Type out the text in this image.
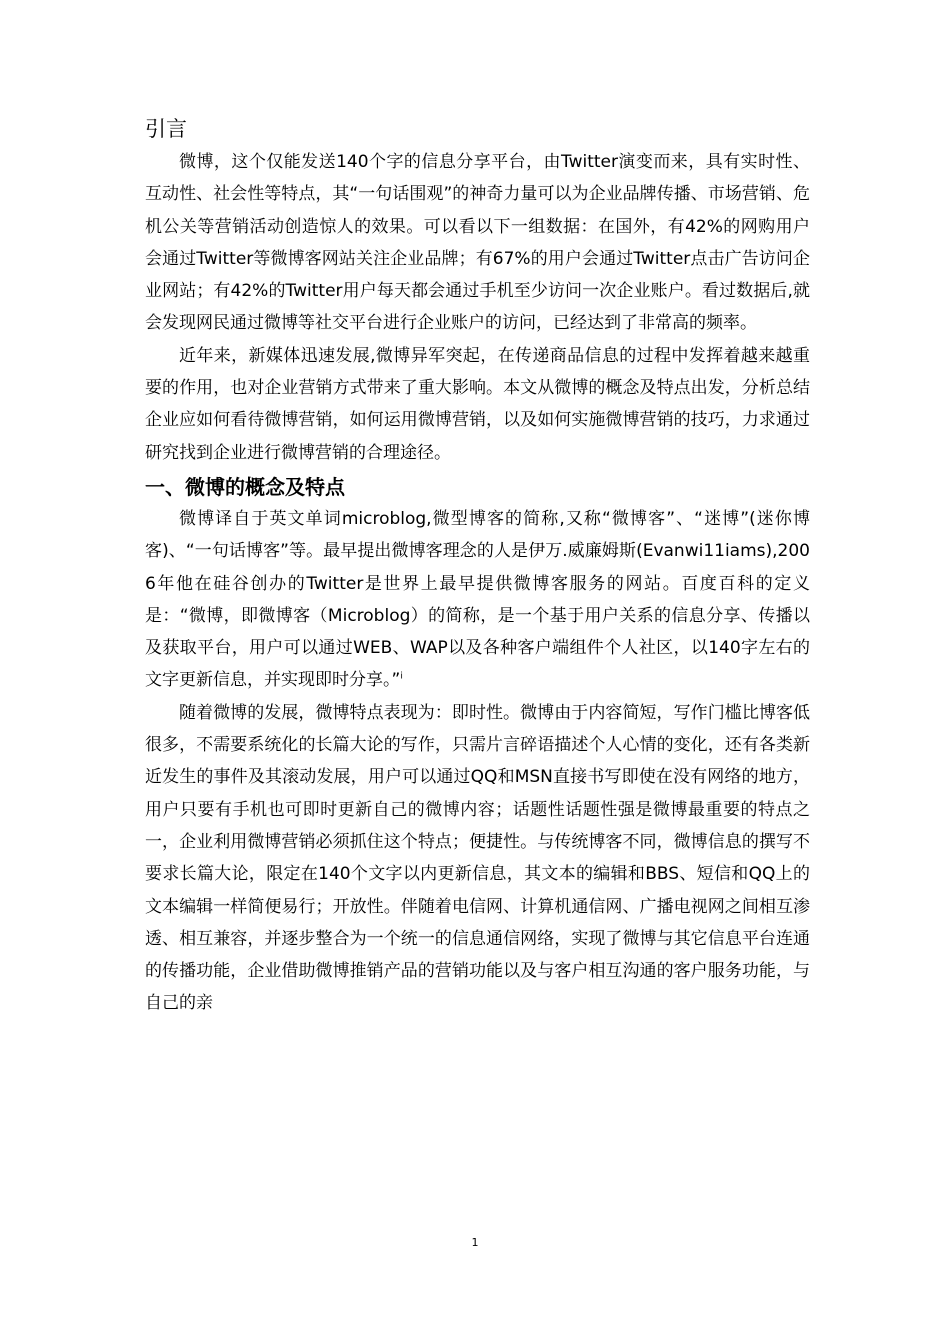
引言

微博，这个仅能发送140个字的信息分享平台，由Twitter演变而来，具有实时性、互动性、社会性等特点，其“一句话围观”的神奇力量可以为企业品牌传播、市场营销、危机公关等营销活动创造惊人的效果。可以看以下一组数据：在国外，有42%的网购用户会通过Twitter等微博客网站关注企业品牌；有67%的用户会通过Twitter点击广告访问企业网站；有42%的Twitter用户每天都会通过手机至少访问一次企业账户。看过数据后,就会发现网民通过微博等社交平台进行企业账户的访问，已经达到了非常高的频率。

近年来，新媒体迅速发展,微博异军突起，在传递商品信息的过程中发挥着越来越重要的作用，也对企业营销方式带来了重大影响。本文从微博的概念及特点出发，分析总结企业应如何看待微博营销，如何运用微博营销，以及如何实施微博营销的技巧，力求通过研究找到企业进行微博营销的合理途径。

一、微博的概念及特点

微博译自于英文单词microblog,微型博客的简称,又称“微博客”、“迷博”(迷你博客)、“一句话博客”等。最早提出微博客理念的人是伊万.威廉姆斯(Evanwi11iams),2006年他在硅谷创办的Twitter是世界上最早提供微博客服务的网站。百度百科的定义是：“微博，即微博客（Microblog）的简称，是一个基于用户关系的信息分享、传播以及获取平台，用户可以通过WEB、WAP以及各种客户端组件个人社区，以140字左右的文字更新信息，并实现即时分享。”$^i$

随着微博的发展，微博特点表现为：即时性。微博由于内容简短，写作门槛比博客低很多，不需要系统化的长篇大论的写作，只需片言碎语描述个人心情的变化，还有各类新近发生的事件及其滚动发展，用户可以通过QQ和MSN直接书写即使在没有网络的地方，用户只要有手机也可即时更新自己的微博内容；话题性话题性强是微博最重要的特点之一，企业利用微博营销必须抓住这个特点；便捷性。与传统博客不同，微博信息的撰写不要求长篇大论，限定在140个文字以内更新信息，其文本的编辑和BBS、短信和QQ上的文本编辑一样简便易行；开放性。伴随着电信网、计算机通信网、广播电视网之间相互渗透、相互兼容，并逐步整合为一个统一的信息通信网络，实现了微博与其它信息平台连通的传播功能，企业借助微博推销产品的营销功能以及与客户相互沟通的客户服务功能，与自己的亲

1
